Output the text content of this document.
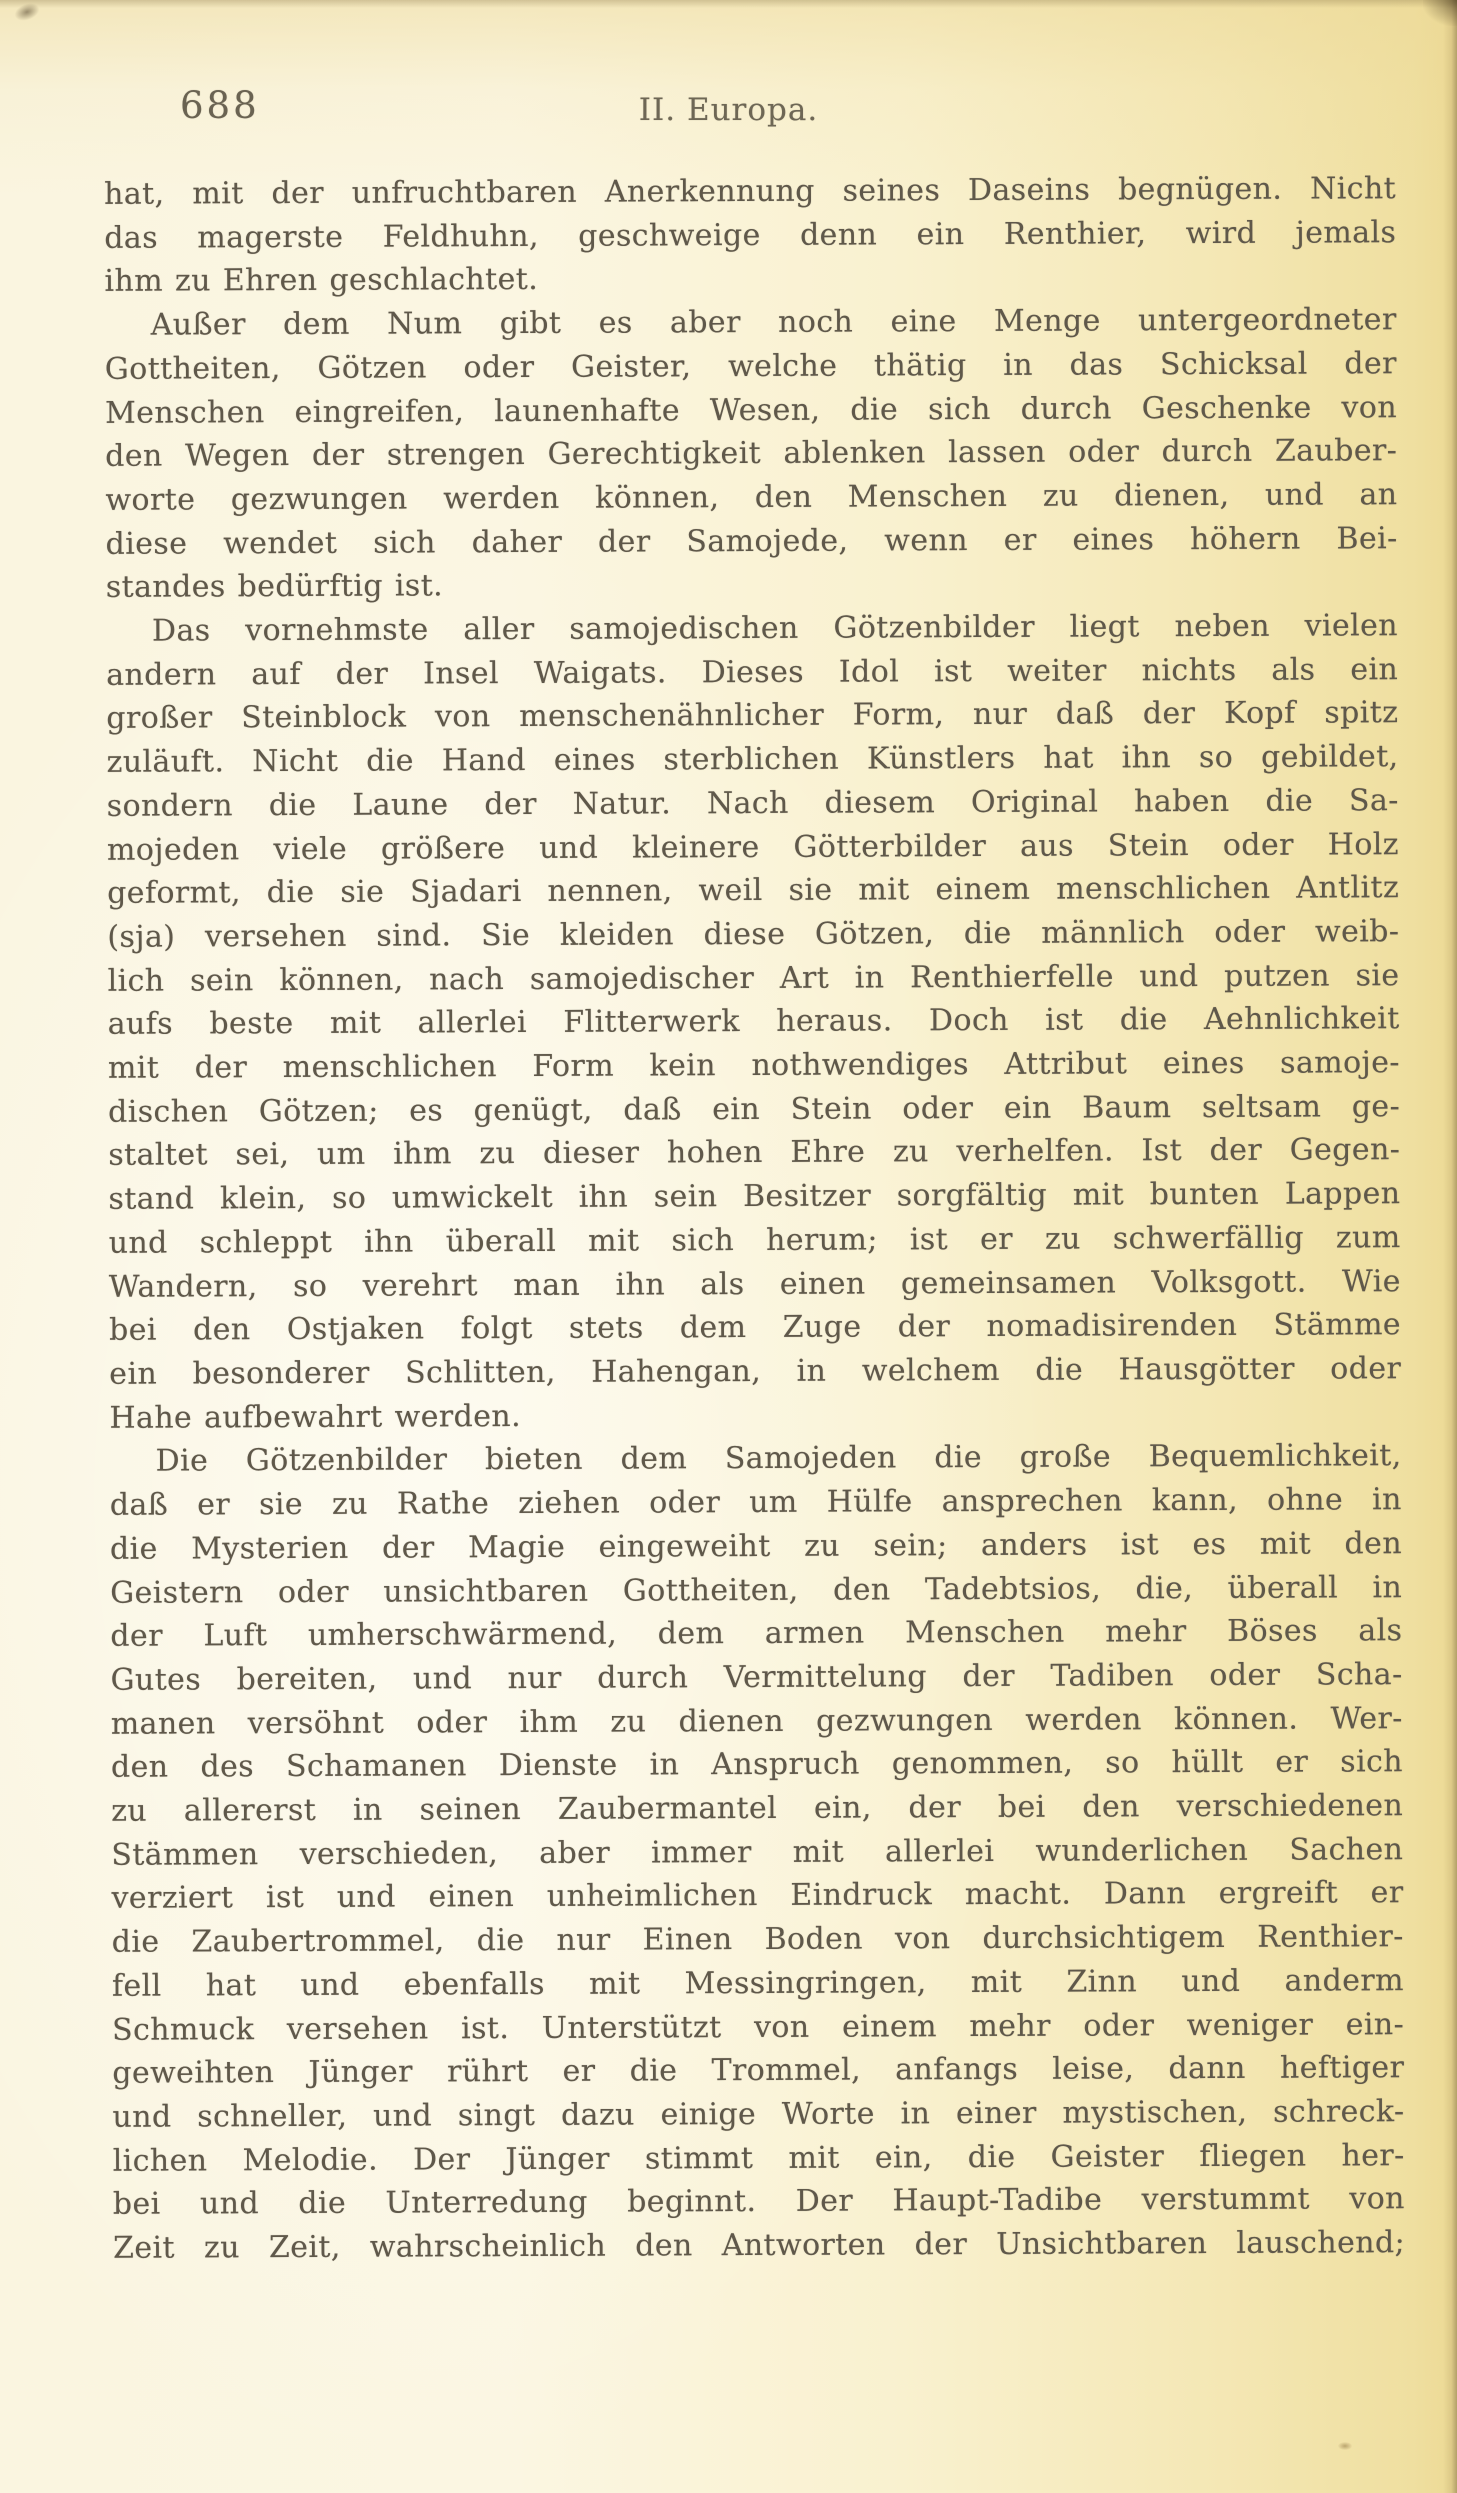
688	II. Europa.
hat, mit der unfruchtbaren Anerkennung seines Daseins begnügen. Nicht
das magerste Feldhuhn, geschweige denn ein Renthier, wird jemals
ihm zu Ehren geschlachtet.
Außer dem Num gibt es aber noch eine Menge untergeordneter
Gottheiten, Götzen oder Geister, welche thätig in das Schicksal der
Menschen eingreifen, launenhafte Wesen, die sich durch Geschenke von
den Wegen der strengen Gerechtigkeit ablenken lassen oder durch Zauber-
worte gezwungen werden können, den Menschen zu dienen, und an
diese wendet sich daher der Samojede, wenn er eines höhern Bei-
standes bedürftig ist.
Das vornehmste aller samojedischen Götzenbilder liegt neben vielen
andern auf der Insel Waigats. Dieses Idol ist weiter nichts als ein
großer Steinblock von menschenähnlicher Form, nur daß der Kopf spitz
zuläuft. Nicht die Hand eines sterblichen Künstlers hat ihn so gebildet,
sondern die Laune der Natur. Nach diesem Original haben die Sa-
mojeden viele größere und kleinere Götterbilder aus Stein oder Holz
geformt, die sie Sjadari nennen, weil sie mit einem menschlichen Antlitz
(sja) versehen sind. Sie kleiden diese Götzen, die männlich oder weib-
lich sein können, nach samojedischer Art in Renthierfelle und putzen sie
aufs beste mit allerlei Flitterwerk heraus. Doch ist die Aehnlichkeit
mit der menschlichen Form kein nothwendiges Attribut eines samoje-
dischen Götzen; es genügt, daß ein Stein oder ein Baum seltsam ge-
staltet sei, um ihm zu dieser hohen Ehre zu verhelfen. Ist der Gegen-
stand klein, so umwickelt ihn sein Besitzer sorgfältig mit bunten Lappen
und schleppt ihn überall mit sich herum; ist er zu schwerfällig zum
Wandern, so verehrt man ihn als einen gemeinsamen Volksgott. Wie
bei den Ostjaken folgt stets dem Zuge der nomadisirenden Stämme
ein besonderer Schlitten, Hahengan, in welchem die Hausgötter oder
Hahe aufbewahrt werden.
Die Götzenbilder bieten dem Samojeden die große Bequemlichkeit,
daß er sie zu Rathe ziehen oder um Hülfe ansprechen kann, ohne in
die Mysterien der Magie eingeweiht zu sein; anders ist es mit den
Geistern oder unsichtbaren Gottheiten, den Tadebtsios, die, überall in
der Luft umherschwärmend, dem armen Menschen mehr Böses als
Gutes bereiten, und nur durch Vermittelung der Tadiben oder Scha-
manen versöhnt oder ihm zu dienen gezwungen werden können. Wer-
den des Schamanen Dienste in Anspruch genommen, so hüllt er sich
zu allererst in seinen Zaubermantel ein, der bei den verschiedenen
Stämmen verschieden, aber immer mit allerlei wunderlichen Sachen
verziert ist und einen unheimlichen Eindruck macht. Dann ergreift er
die Zaubertrommel, die nur Einen Boden von durchsichtigem Renthier-
fell hat und ebenfalls mit Messingringen, mit Zinn und anderm
Schmuck versehen ist. Unterstützt von einem mehr oder weniger ein-
geweihten Jünger rührt er die Trommel, anfangs leise, dann heftiger
und schneller, und singt dazu einige Worte in einer mystischen, schreck-
lichen Melodie. Der Jünger stimmt mit ein, die Geister fliegen her-
bei und die Unterredung beginnt. Der Haupt-Tadibe verstummt von
Zeit zu Zeit, wahrscheinlich den Antworten der Unsichtbaren lauschend;
